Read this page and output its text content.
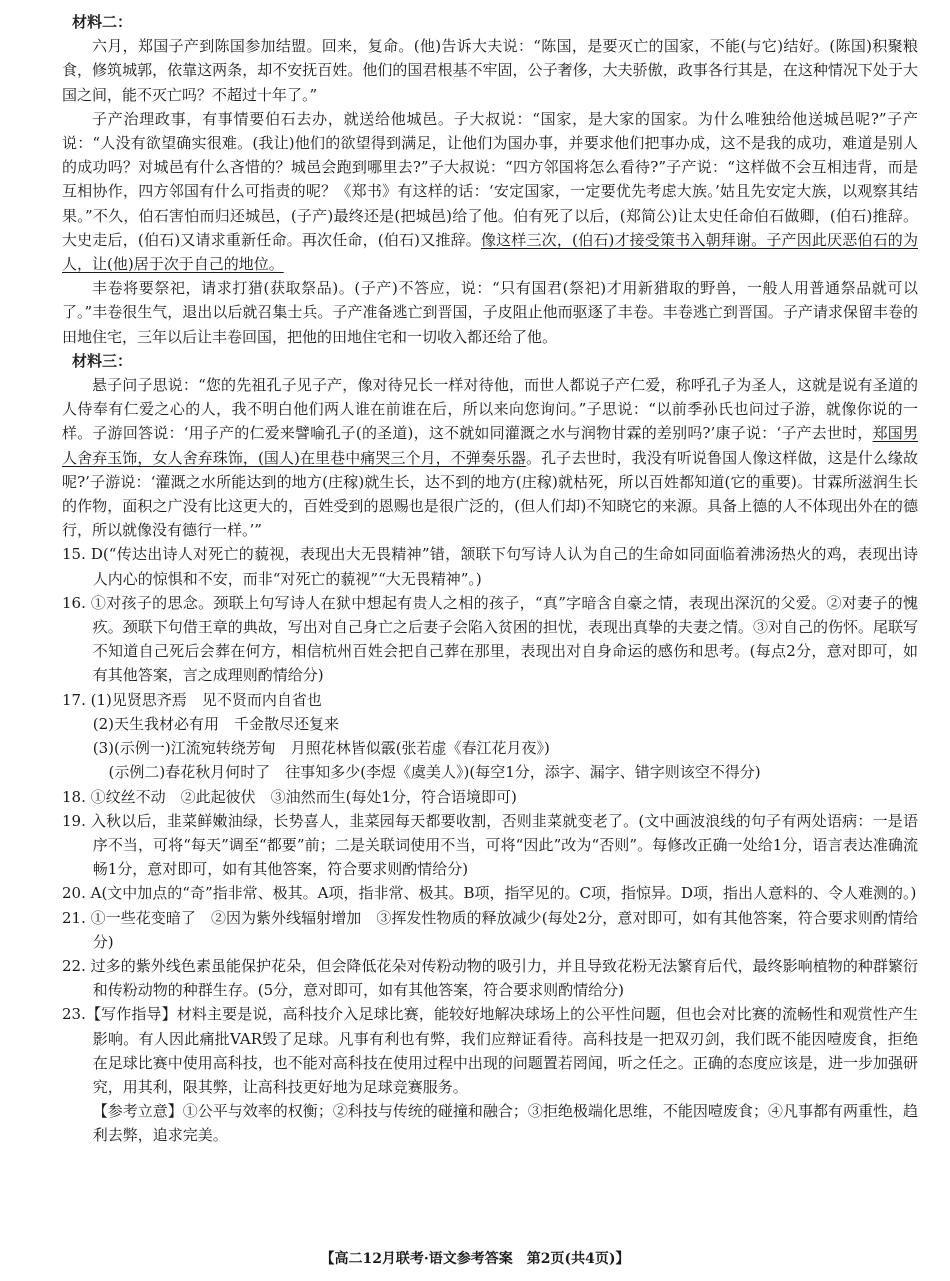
材料二：

六月，郑国子产到陈国参加结盟。回来，复命。(他)告诉大夫说：“陈国，是要灭亡的国家，不能(与它)结好。(陈国)积聚粮食，修筑城郭，依靠这两条，却不安抚百姓。他们的国君根基不牢固，公子奢侈，大夫骄傲，政事各行其是，在这种情况下处于大国之间，能不灭亡吗？不超过十年了。”

子产治理政事，有事情要伯石去办，就送给他城邑。子大叔说：“国家，是大家的国家。为什么唯独给他送城邑呢?”子产说：“人没有欲望确实很难。(我让)他们的欲望得到满足，让他们为国办事，并要求他们把事办成，这不是我的成功，难道是别人的成功吗？对城邑有什么吝惜的？城邑会跑到哪里去?”子大叔说：“四方邻国将怎么看待?”子产说：“这样做不会互相违背，而是互相协作，四方邻国有什么可指责的呢？《郑书》有这样的话：‘安定国家，一定要优先考虑大族。’姑且先安定大族，以观察其结果。”不久，伯石害怕而归还城邑，(子产)最终还是(把城邑)给了他。伯有死了以后，(郑简公)让太史任命伯石做卿，(伯石)推辞。大史走后，(伯石)又请求重新任命。再次任命，(伯石)又推辞。像这样三次，(伯石)才接受策书入朝拜谢。子产因此厌恶伯石的为人，让(他)居于次于自己的地位。

丰卷将要祭祀，请求打猎(获取祭品)。(子产)不答应，说：“只有国君(祭祀)才用新猎取的野兽，一般人用普通祭品就可以了。”丰卷很生气，退出以后就召集士兵。子产准备逃亡到晋国，子皮阻止他而驱逐了丰卷。丰卷逃亡到晋国。子产请求保留丰卷的田地住宅，三年以后让丰卷回国，把他的田地住宅和一切收入都还给了他。

材料三：

悬子问子思说：“您的先祖孔子见子产，像对待兄长一样对待他，而世人都说子产仁爱，称呼孔子为圣人，这就是说有圣道的人侍奉有仁爱之心的人，我不明白他们两人谁在前谁在后，所以来向您询问。”子思说：“以前季孙氏也问过子游，就像你说的一样。子游回答说：‘用子产的仁爱来譬喻孔子(的圣道)，这不就如同灌溉之水与润物甘霖的差别吗?’康子说：‘子产去世时，郑国男人舍弃玉饰，女人舍弃珠饰，(国人)在里巷中痛哭三个月，不弹奏乐器。孔子去世时，我没有听说鲁国人像这样做，这是什么缘故呢?’子游说：‘灌溉之水所能达到的地方(庄稼)就生长，达不到的地方(庄稼)就枯死，所以百姓都知道(它的重要)。甘霖所滋润生长的作物，面积之广没有比这更大的，百姓受到的恩赐也是很广泛的，(但人们却)不知晓它的来源。具备上德的人不体现出外在的德行，所以就像没有德行一样。’”

15. D(“传达出诗人对死亡的藐视，表现出大无畏精神”错，颔联下句写诗人认为自己的生命如同面临着沸汤热火的鸡，表现出诗人内心的惊惧和不安，而非“对死亡的藐视”“大无畏精神”。)

16. ①对孩子的思念。颈联上句写诗人在狱中想起有贵人之相的孩子，“真”字暗含自豪之情，表现出深沉的父爱。②对妻子的愧疚。颈联下句借王章的典故，写出对自己身亡之后妻子会陷入贫困的担忧，表现出真挚的夫妻之情。③对自己的伤怀。尾联写不知道自己死后会葬在何方，相信杭州百姓会把自己葬在那里，表现出对自身命运的感伤和思考。(每点2分，意对即可，如有其他答案，言之成理则酌情给分)

17. (1)见贤思齐焉　见不贤而内自省也

(2)天生我材必有用　千金散尽还复来

(3)(示例一)江流宛转绕芳甸　月照花林皆似霰(张若虚《春江花月夜》)

(示例二)春花秋月何时了　往事知多少(李煜《虞美人》)(每空1分，添字、漏字、错字则该空不得分)

18. ①纹丝不动　②此起彼伏　③油然而生(每处1分，符合语境即可)

19. 入秋以后，韭菜鲜嫩油绿，长势喜人，韭菜园每天都要收割，否则韭菜就变老了。(文中画波浪线的句子有两处语病：一是语序不当，可将“每天”调至“都要”前；二是关联词使用不当，可将“因此”改为“否则”。每修改正确一处给1分，语言表达准确流畅1分，意对即可，如有其他答案，符合要求则酌情给分)

20. A(文中加点的“奇”指非常、极其。A项，指非常、极其。B项，指罕见的。C项，指惊异。D项，指出人意料的、令人难测的。)

21. ①一些花变暗了　②因为紫外线辐射增加　③挥发性物质的释放减少(每处2分，意对即可，如有其他答案，符合要求则酌情给分)

22. 过多的紫外线色素虽能保护花朵，但会降低花朵对传粉动物的吸引力，并且导致花粉无法繁育后代，最终影响植物的种群繁衍和传粉动物的种群生存。(5分，意对即可，如有其他答案，符合要求则酌情给分)

23.【写作指导】材料主要是说，高科技介入足球比赛，能较好地解决球场上的公平性问题，但也会对比赛的流畅性和观赏性产生影响。有人因此痛批VAR毁了足球。凡事有利也有弊，我们应辩证看待。高科技是一把双刃剑，我们既不能因噎废食，拒绝在足球比赛中使用高科技，也不能对高科技在使用过程中出现的问题置若罔闻，听之任之。正确的态度应该是，进一步加强研究，用其利，限其弊，让高科技更好地为足球竞赛服务。

【参考立意】①公平与效率的权衡；②科技与传统的碰撞和融合；③拒绝极端化思维，不能因噎废食；④凡事都有两重性，趋利去弊，追求完美。

【高二12月联考·语文参考答案　第2页(共4页)】
